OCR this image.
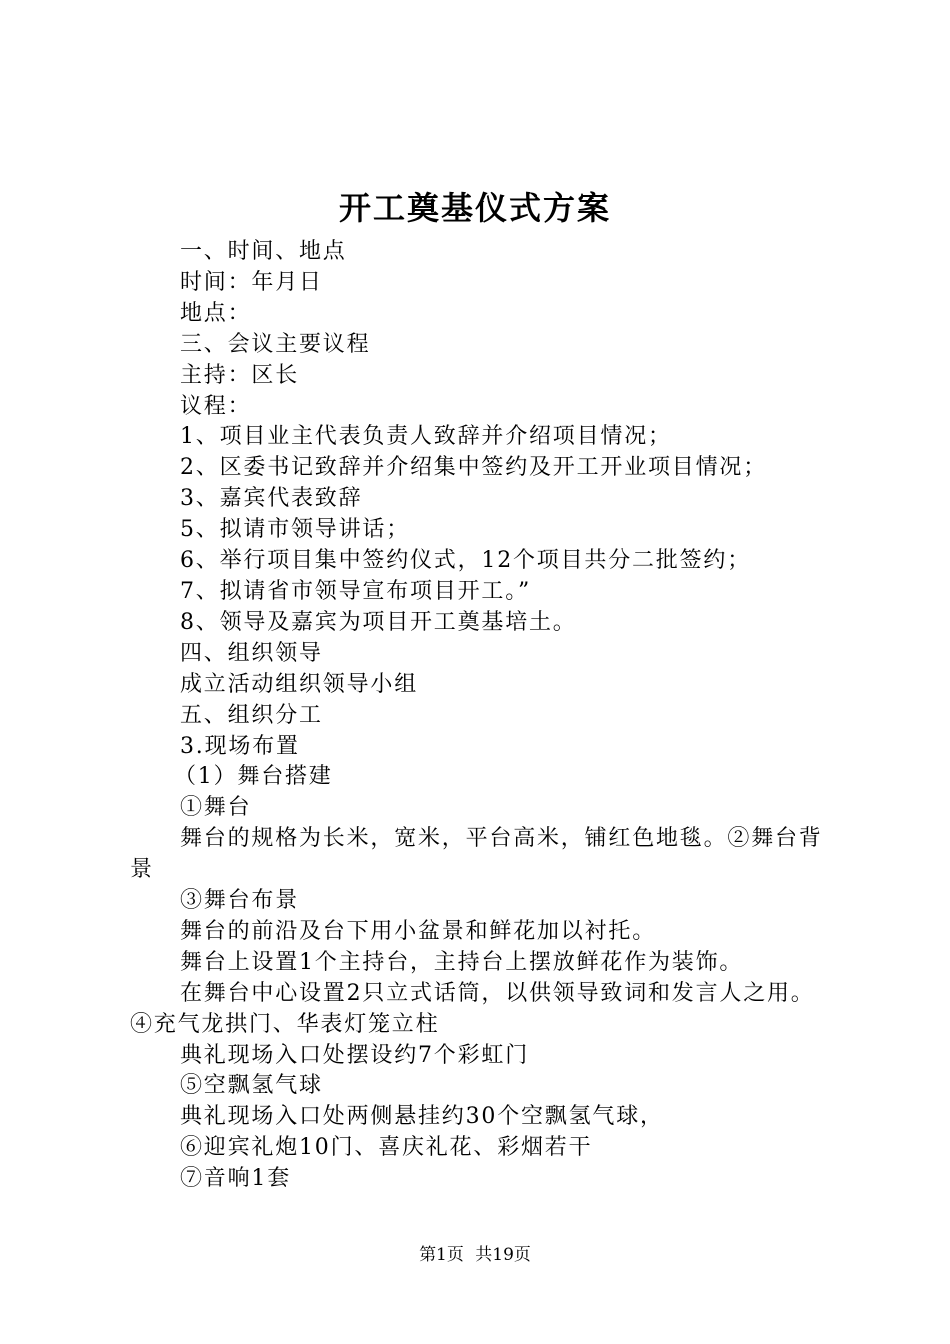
开工奠基仪式方案
一、时间、地点
时间：年月日
地点：
三、会议主要议程
主持：区长
议程：
1、项目业主代表负责人致辞并介绍项目情况；
2、区委书记致辞并介绍集中签约及开工开业项目情况；
3、嘉宾代表致辞
5、拟请市领导讲话；
6、举行项目集中签约仪式，12个项目共分二批签约；
7、拟请省市领导宣布项目开工。”
8、领导及嘉宾为项目开工奠基培土。
四、组织领导
成立活动组织领导小组
五、组织分工
3.现场布置
（1）舞台搭建
①舞台
舞台的规格为长米，宽米，平台高米，铺红色地毯。②舞台背景
③舞台布景
舞台的前沿及台下用小盆景和鲜花加以衬托。
舞台上设置1个主持台，主持台上摆放鲜花作为装饰。
在舞台中心设置2只立式话筒，以供领导致词和发言人之用。④充气龙拱门、华表灯笼立柱
典礼现场入口处摆设约7个彩虹门
⑤空飘氢气球
典礼现场入口处两侧悬挂约30个空飘氢气球，
⑥迎宾礼炮10门、喜庆礼花、彩烟若干
⑦音响1套
第1页 共19页
